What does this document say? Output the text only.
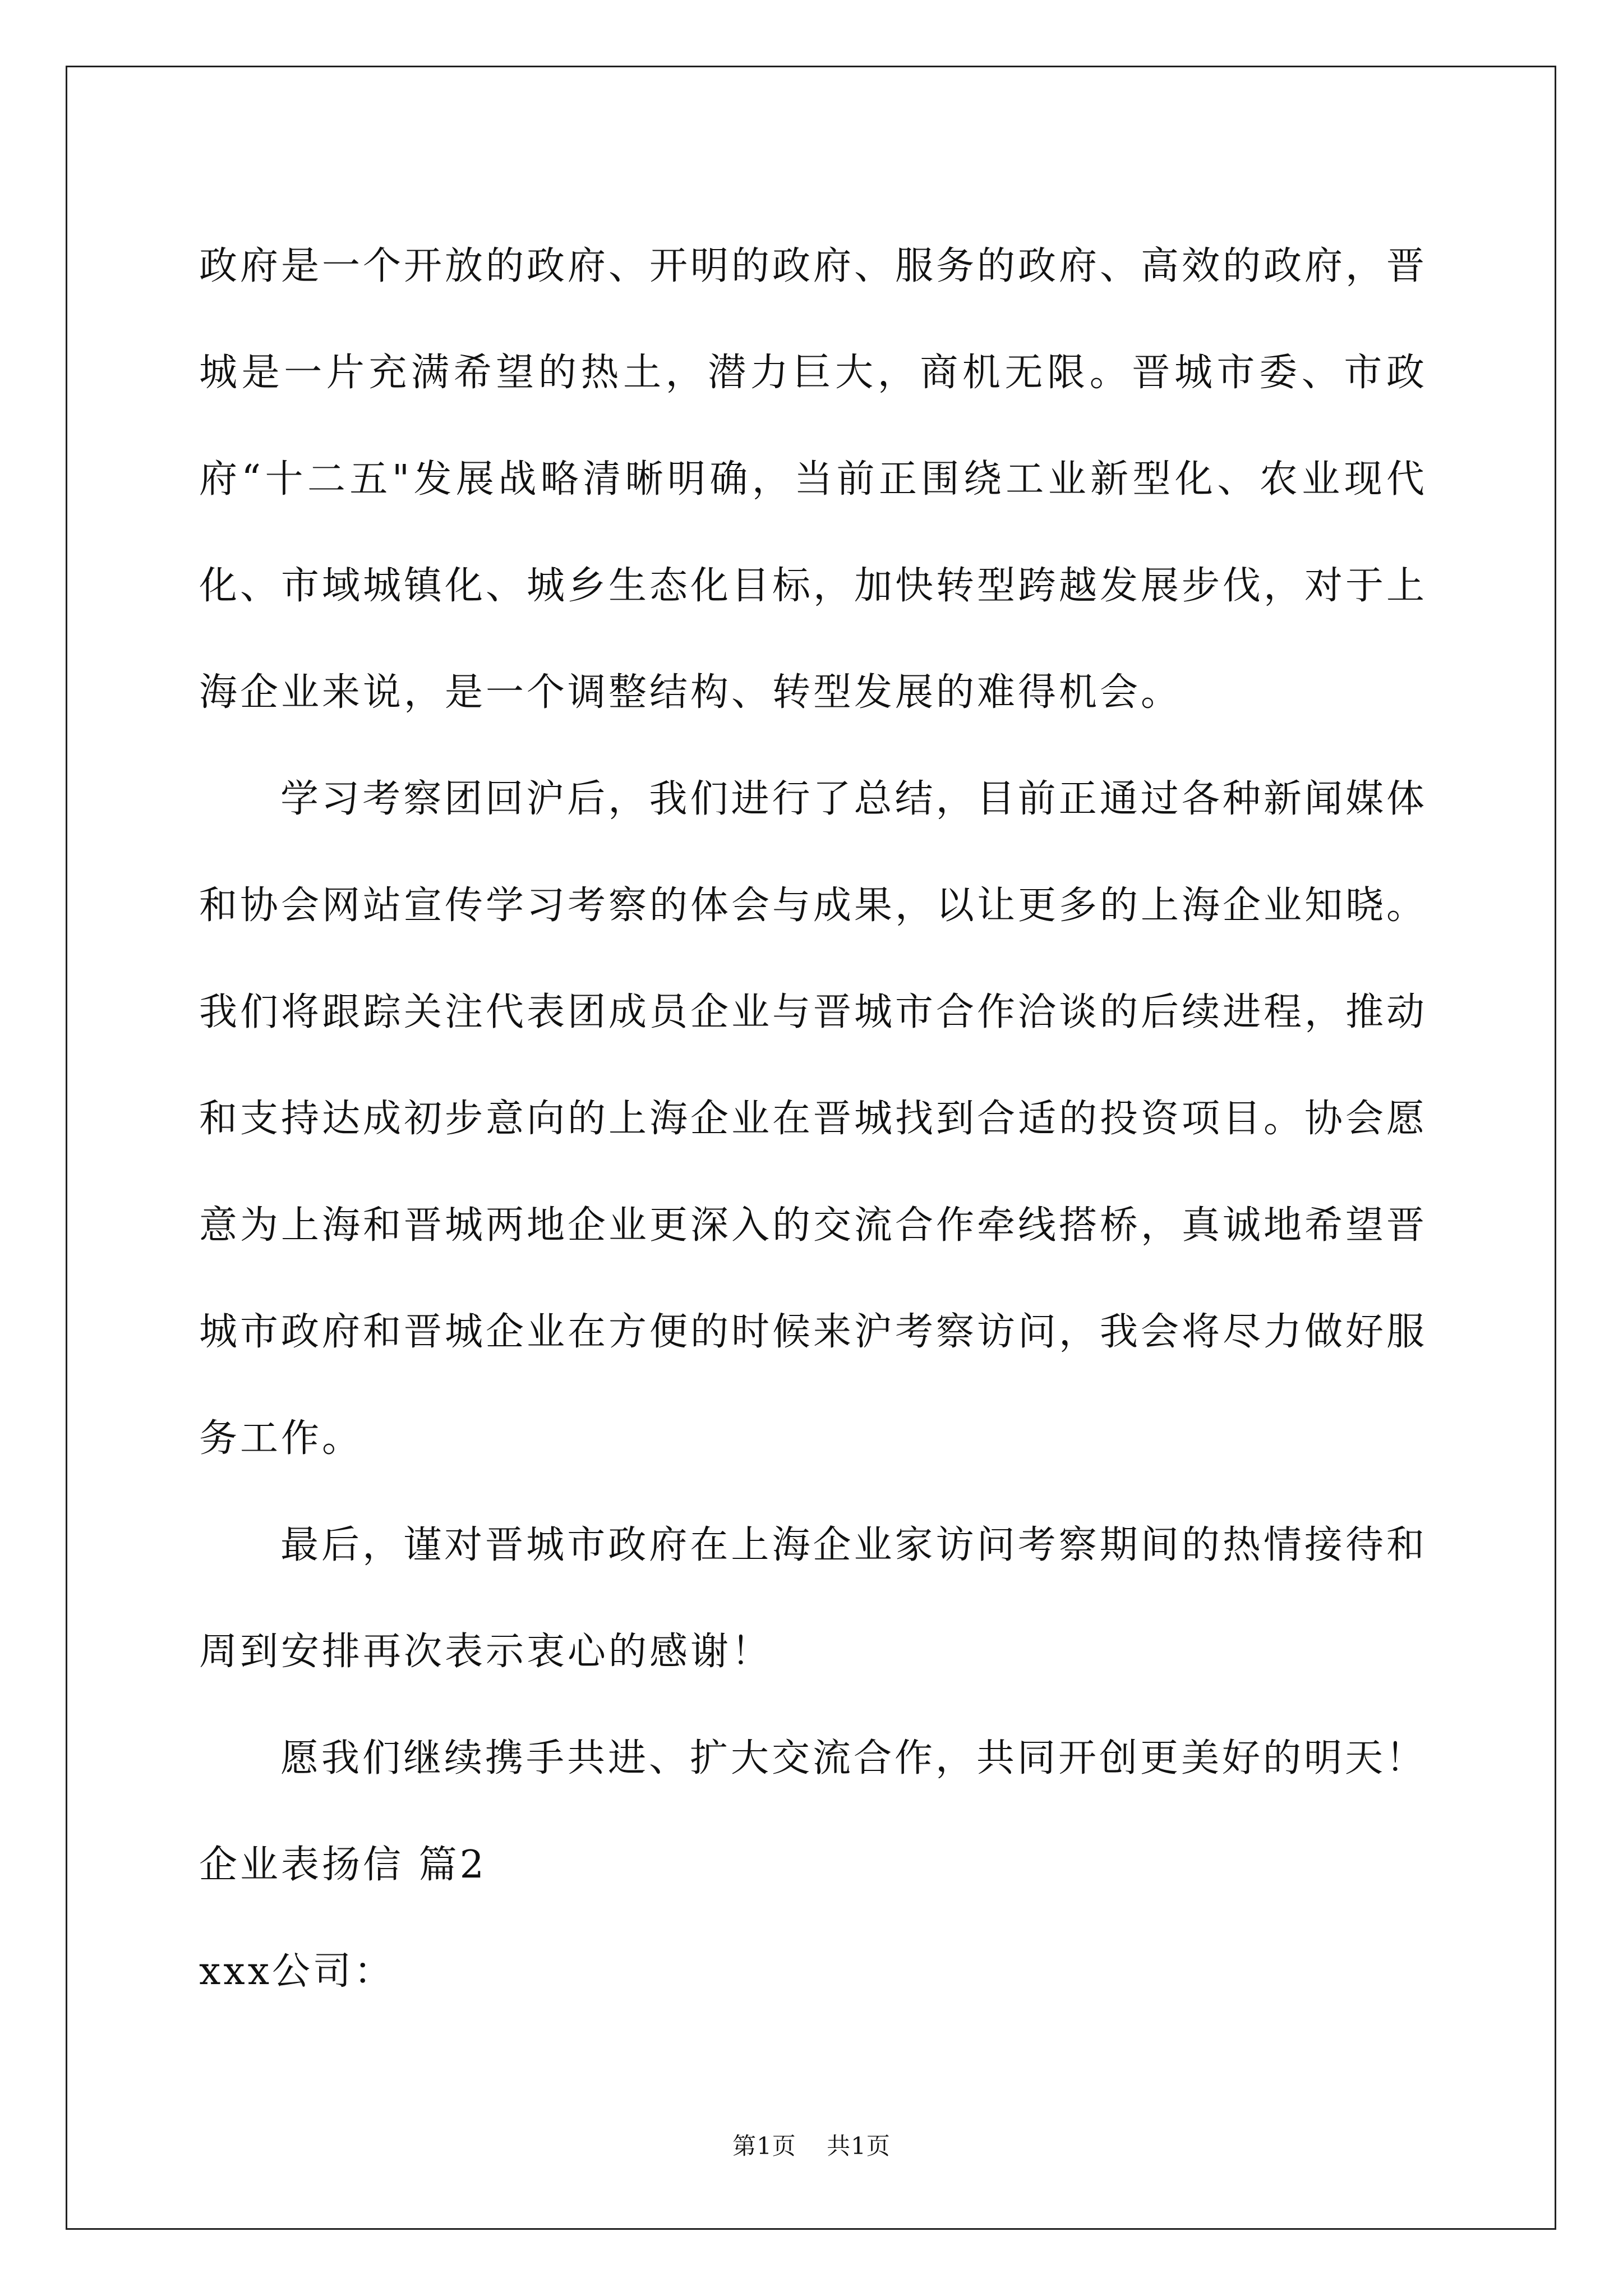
政府是一个开放的政府、开明的政府、服务的政府、高效的政府，晋城是一片充满希望的热土，潜力巨大，商机无限。晋城市委、市政府“十二五"发展战略清晰明确，当前正围绕工业新型化、农业现代化、市域城镇化、城乡生态化目标，加快转型跨越发展步伐，对于上海企业来说，是一个调整结构、转型发展的难得机会。

学习考察团回沪后，我们进行了总结，目前正通过各种新闻媒体和协会网站宣传学习考察的体会与成果，以让更多的上海企业知晓。我们将跟踪关注代表团成员企业与晋城市合作洽谈的后续进程，推动和支持达成初步意向的上海企业在晋城找到合适的投资项目。协会愿意为上海和晋城两地企业更深入的交流合作牵线搭桥，真诚地希望晋城市政府和晋城企业在方便的时候来沪考察访问，我会将尽力做好服务工作。

最后，谨对晋城市政府在上海企业家访问考察期间的热情接待和周到安排再次表示衷心的感谢！

愿我们继续携手共进、扩大交流合作，共同开创更美好的明天！

企业表扬信 篇2

xxx公司：

第1页 共1页
